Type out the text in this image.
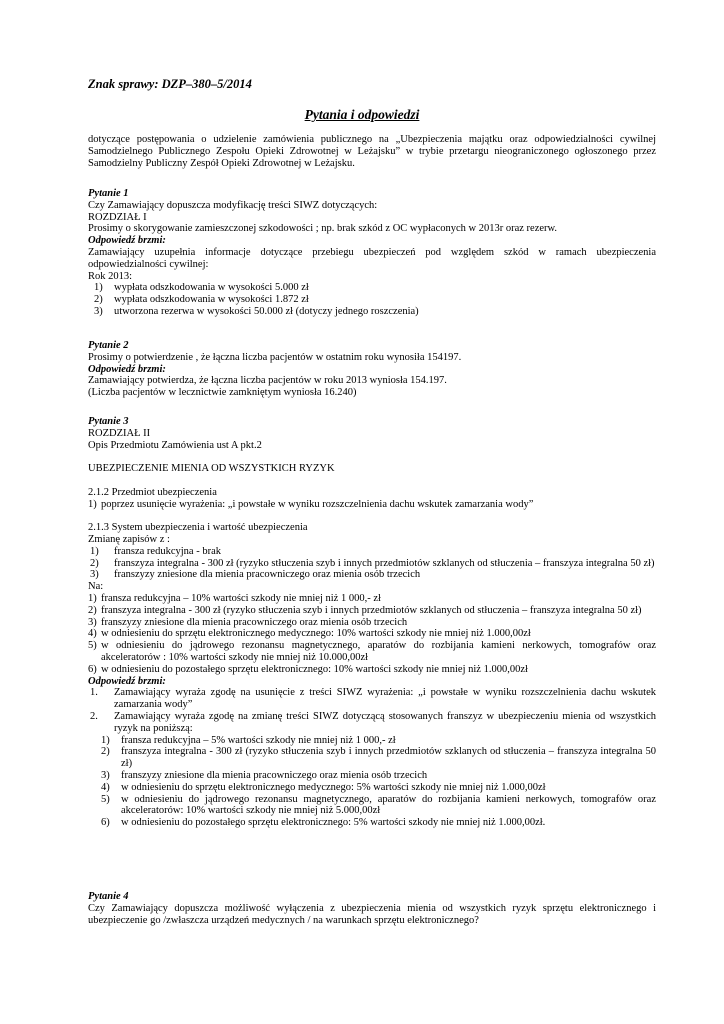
Znak sprawy: DZP–380–5/2014
Pytania i odpowiedzi
dotyczące postępowania o udzielenie zamówienia publicznego na „Ubezpieczenia majątku oraz odpowiedzialności cywilnej Samodzielnego Publicznego Zespołu Opieki Zdrowotnej w Leżajsku” w trybie przetargu nieograniczonego ogłoszonego przez Samodzielny Publiczny Zespół Opieki Zdrowotnej w Leżajsku.
Pytanie 1
Czy Zamawiający dopuszcza modyfikację treści SIWZ dotyczących:
ROZDZIAŁ I
Prosimy o skorygowanie zamieszczonej szkodowości ; np. brak szkód z OC wypłaconych w 2013r oraz rezerw.
Odpowiedź brzmi:
Zamawiający uzupełnia informacje dotyczące przebiegu ubezpieczeń pod względem szkód w ramach ubezpieczenia odpowiedzialności cywilnej:
Rok 2013:
1)	wypłata odszkodowania w wysokości 5.000 zł
2)	wypłata odszkodowania w wysokości 1.872 zł
3)	utworzona rezerwa w wysokości 50.000 zł (dotyczy jednego roszczenia)
Pytanie 2
Prosimy o potwierdzenie , że łączna liczba pacjentów w ostatnim roku wynosiła 154197.
Odpowiedź brzmi:
Zamawiający potwierdza, że łączna liczba pacjentów w roku 2013 wyniosła 154.197.
(Liczba pacjentów w lecznictwie zamkniętym wyniosła 16.240)
Pytanie 3
ROZDZIAŁ II
Opis Przedmiotu Zamówienia ust A pkt.2
UBEZPIECZENIE MIENIA OD WSZYSTKICH RYZYK
2.1.2 Przedmiot ubezpieczenia
1) poprzez usunięcie wyrażenia: „i powstałe w wyniku rozszczelnienia dachu wskutek zamarzania wody”
2.1.3 System ubezpieczenia i wartość ubezpieczenia
Zmianę zapisów z :
1)	fransza redukcyjna - brak
2)	franszyza integralna - 300 zł (ryzyko stłuczenia szyb i innych przedmiotów szklanych od stłuczenia – franszyza integralna 50 zł)
3)	franszyzy zniesione dla mienia pracowniczego oraz mienia osób trzecich
Na:
1) fransza redukcyjna – 10% wartości szkody nie mniej niż 1 000,- zł
2) franszyza integralna - 300 zł (ryzyko stłuczenia szyb i innych przedmiotów szklanych od stłuczenia – franszyza integralna 50 zł)
3) franszyzy zniesione dla mienia pracowniczego oraz mienia osób trzecich
4) w odniesieniu do sprzętu elektronicznego medycznego: 10% wartości szkody nie mniej niż 1.000,00zł
5) w odniesieniu do jądrowego rezonansu magnetycznego, aparatów do rozbijania kamieni nerkowych, tomografów oraz akceleratorów : 10% wartości szkody nie mniej niż 10.000,00zł
6) w odniesieniu do pozostałego sprzętu elektronicznego: 10% wartości szkody nie mniej niż 1.000,00zł
Odpowiedź brzmi:
1.	Zamawiający wyraża zgodę na usunięcie z treści SIWZ wyrażenia: „i powstałe w wyniku rozszczelnienia dachu wskutek zamarzania wody”
2.	Zamawiający wyraża zgodę na zmianę treści SIWZ dotyczącą stosowanych franszyz w ubezpieczeniu mienia od wszystkich ryzyk na poniższą:
1)	fransza redukcyjna – 5% wartości szkody nie mniej niż 1 000,- zł
2)	franszyza integralna - 300 zł (ryzyko stłuczenia szyb i innych przedmiotów szklanych od stłuczenia – franszyza integralna 50 zł)
3)	franszyzy zniesione dla mienia pracowniczego oraz mienia osób trzecich
4)	w odniesieniu do sprzętu elektronicznego medycznego: 5% wartości szkody nie mniej niż 1.000,00zł
5)	w odniesieniu do jądrowego rezonansu magnetycznego, aparatów do rozbijania kamieni nerkowych, tomografów oraz akceleratorów: 10% wartości szkody nie mniej niż 5.000,00zł
6)	w odniesieniu do pozostałego sprzętu elektronicznego: 5% wartości szkody nie mniej niż 1.000,00zł.
Pytanie 4
Czy Zamawiający dopuszcza możliwość wyłączenia z ubezpieczenia mienia od wszystkich ryzyk sprzętu elektronicznego i ubezpieczenie go /zwłaszcza urządzeń medycznych / na warunkach sprzętu elektronicznego?
